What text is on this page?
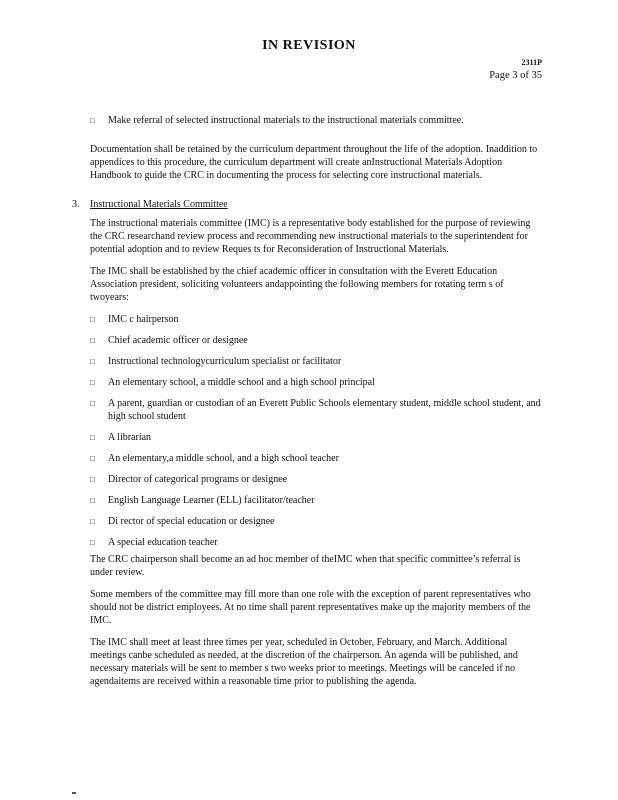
IN REVISION
2311P
Page 3 of 35

□ Make referral of selected instructional materials to the instructional materials committee.

Documentation shall be retained by the curriculum department throughout the life of the adoption. Inaddition to appendices to this procedure, the curriculum department will create anInstructional Materials Adoption Handbook to guide the CRC in documenting the process for selecting core instructional materials.

3. Instructional Materials Committee

The instructional materials committee (IMC) is a representative body established for the purpose of reviewing the CRC researchand review process and recommending new instructional materials to the superintendent for potential adoption and to review Reques ts for Reconsideration of Instructional Materials.

The IMC shall be established by the chief academic officer in consultation with the Everett Education Association president, soliciting volunteers andappointing the following members for rotating term s of twoyears:

□ IMC c hairperson

□ Chief academic officer or designee

□ Instructional technologycurriculum specialist or facilitator

□ An elementary school, a middle school and a high school principal

□ A parent, guardian or custodian of an Everett Public Schools elementary student, middle school student, and high school student

□ A librarian

□ An elementary,a middle school, and a high school teacher

□ Director of categorical programs or designee

□ English Language Learner (ELL) facilitator/teacher

□ Di rector of special education or designee

□ A special education teacher

The CRC chairperson shall become an ad hoc member of theIMC when that specific committee’s referral is under review.

Some members of the committee may fill more than one role with the exception of parent representatives who should not be district employees. At no time shall parent representatives make up the majority members of the IMC.

The IMC shall meet at least three times per year, scheduled in October, February, and March. Additional meetings canbe scheduled as needed, at the discretion of the chairperson. An agenda will be published, and necessary materials will be sent to member s two weeks prior to meetings. Meetings will be canceled if no agendaitems are received within a reasonable time prior to publishing the agenda.
